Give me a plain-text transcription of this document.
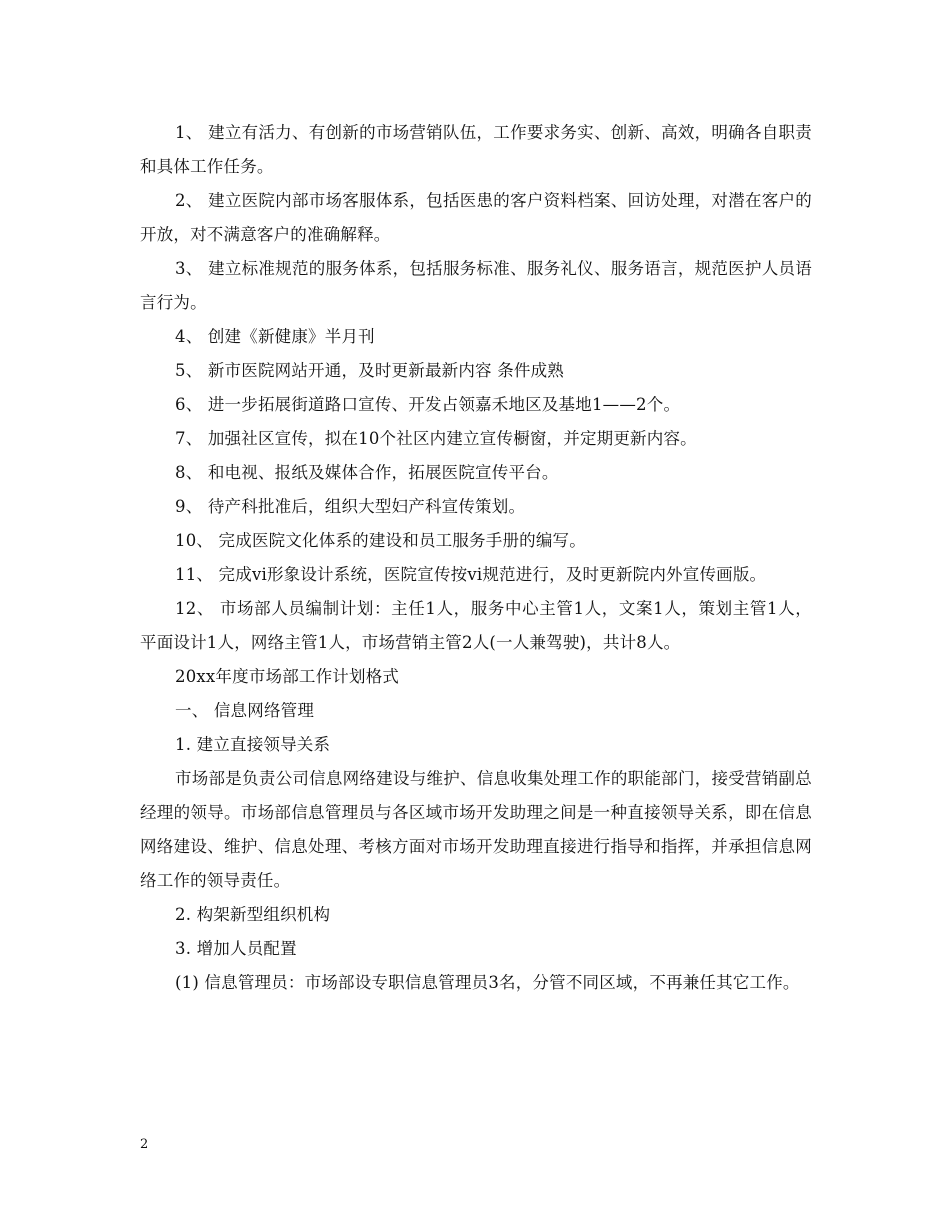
1、 建立有活力、有创新的市场营销队伍，工作要求务实、创新、高效，明确各自职责和具体工作任务。

2、 建立医院内部市场客服体系，包括医患的客户资料档案、回访处理，对潜在客户的开放，对不满意客户的准确解释。

3、 建立标准规范的服务体系，包括服务标准、服务礼仪、服务语言，规范医护人员语言行为。

4、 创建《新健康》半月刊

5、 新市医院网站开通，及时更新最新内容 条件成熟

6、 进一步拓展街道路口宣传、开发占领嘉禾地区及基地1——2个。

7、 加强社区宣传，拟在10个社区内建立宣传橱窗，并定期更新内容。

8、 和电视、报纸及媒体合作，拓展医院宣传平台。

9、 待产科批准后，组织大型妇产科宣传策划。

10、 完成医院文化体系的建设和员工服务手册的编写。

11、 完成vi形象设计系统，医院宣传按vi规范进行，及时更新院内外宣传画版。

12、 市场部人员编制计划：主任1人，服务中心主管1人，文案1人，策划主管1人，平面设计1人，网络主管1人，市场营销主管2人(一人兼驾驶)，共计8人。

20xx年度市场部工作计划格式

一、 信息网络管理

1. 建立直接领导关系

市场部是负责公司信息网络建设与维护、信息收集处理工作的职能部门，接受营销副总经理的领导。市场部信息管理员与各区域市场开发助理之间是一种直接领导关系，即在信息网络建设、维护、信息处理、考核方面对市场开发助理直接进行指导和指挥，并承担信息网络工作的领导责任。

2. 构架新型组织机构

3. 增加人员配置

(1) 信息管理员：市场部设专职信息管理员3名，分管不同区域，不再兼任其它工作。

2
